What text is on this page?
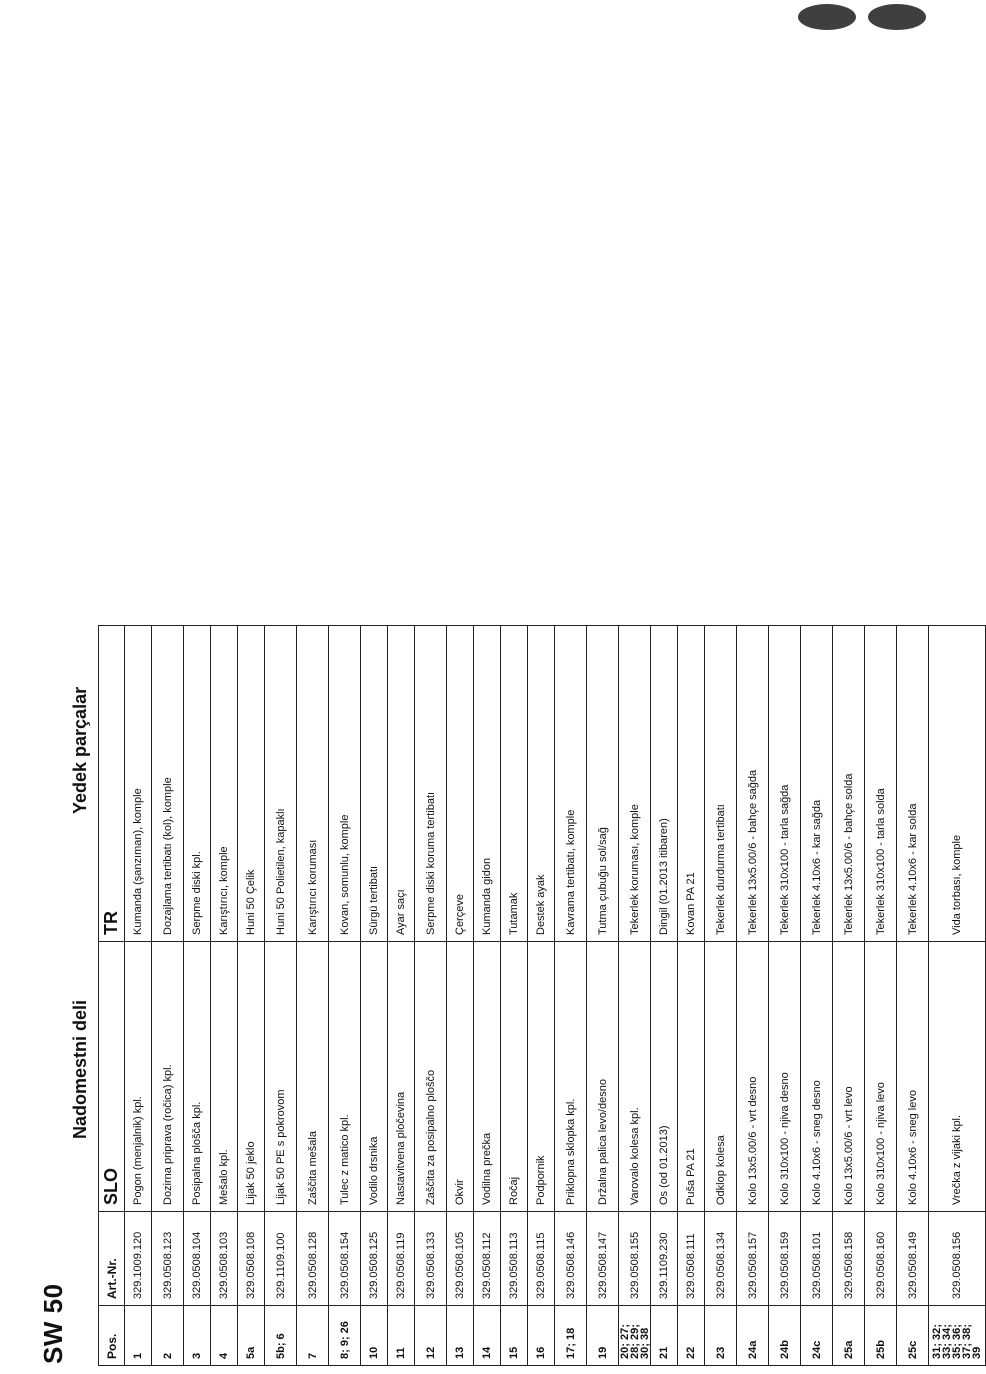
SW 50
Nadomestni deli
Yedek parçalar
Pos.	Art.-Nr.	SLO	TR
1	329.1009.120	Pogon (menjalnik) kpl.	Kumanda (şanzıman), komple
2	329.0508.123	Dozirna priprava (ročica) kpl.	Dozajlama tertibatı (kol), komple
3	329.0508.104	Posipalna plošča kpl.	Serpme diski kpl.
4	329.0508.103	Mešalo kpl.	Karıştırıcı, komple
5a	329.0508.108	Lijak 50 jeklo	Huni 50 Çelik
5b; 6	329.1109.100	Lijak 50 PE s pokrovom	Huni 50 Polietilen, kapaklı
7	329.0508.128	Zaščita mešala	Karıştırıcı koruması
8; 9; 26	329.0508.154	Tulec z matico kpl.	Kovan, somunlu, komple
10	329.0508.125	Vodilo drsnika	Sürgü tertibatı
11	329.0508.119	Nastavitvena pločevina	Ayar saçı
12	329.0508.133	Zaščita za posipalno ploščo	Serpme diski koruma tertibatı
13	329.0508.105	Okvir	Çerçeve
14	329.0508.112	Vodilna prečka	Kumanda gidon
15	329.0508.113	Ročaj	Tutamak
16	329.0508.115	Podpornik	Destek ayak
17; 18	329.0508.146	Priklopna sklopka kpl.	Kavrama tertibatı, komple
19	329.0508.147	Držalna palica levo/desno	Tutma çubuğu sol/sağ
20; 27; 28; 29; 30; 38	329.0508.155	Varovalo kolesa kpl.	Tekerlek koruması, komple
21	329.1109.230	Os (od 01.2013)	Dingil (01.2013 itibaren)
22	329.0508.111	Puša PA 21	Kovan PA 21
23	329.0508.134	Odklop kolesa	Tekerlek durdurma tertibatı
24a	329.0508.157	Kolo 13x5.00/6 - vrt desno	Tekerlek 13x5.00/6 - bahçe sağda
24b	329.0508.159	Kolo 310x100 - njiva desno	Tekerlek 310x100 - tarla sağda
24c	329.0508.101	Kolo 4.10x6 - sneg desno	Tekerlek 4.10x6 - kar sağda
25a	329.0508.158	Kolo 13x5.00/6 - vrt levo	Tekerlek 13x5.00/6 - bahçe solda
25b	329.0508.160	Kolo 310x100 - njiva levo	Tekerlek 310x100 - tarla solda
25c	329.0508.149	Kolo 4.10x6 - sneg levo	Tekerlek 4.10x6 - kar solda
31; 32; 33; 34; 35; 36; 37; 38; 39	329.0508.156	Vrečka z vijaki kpl.	Vida torbası, komple
